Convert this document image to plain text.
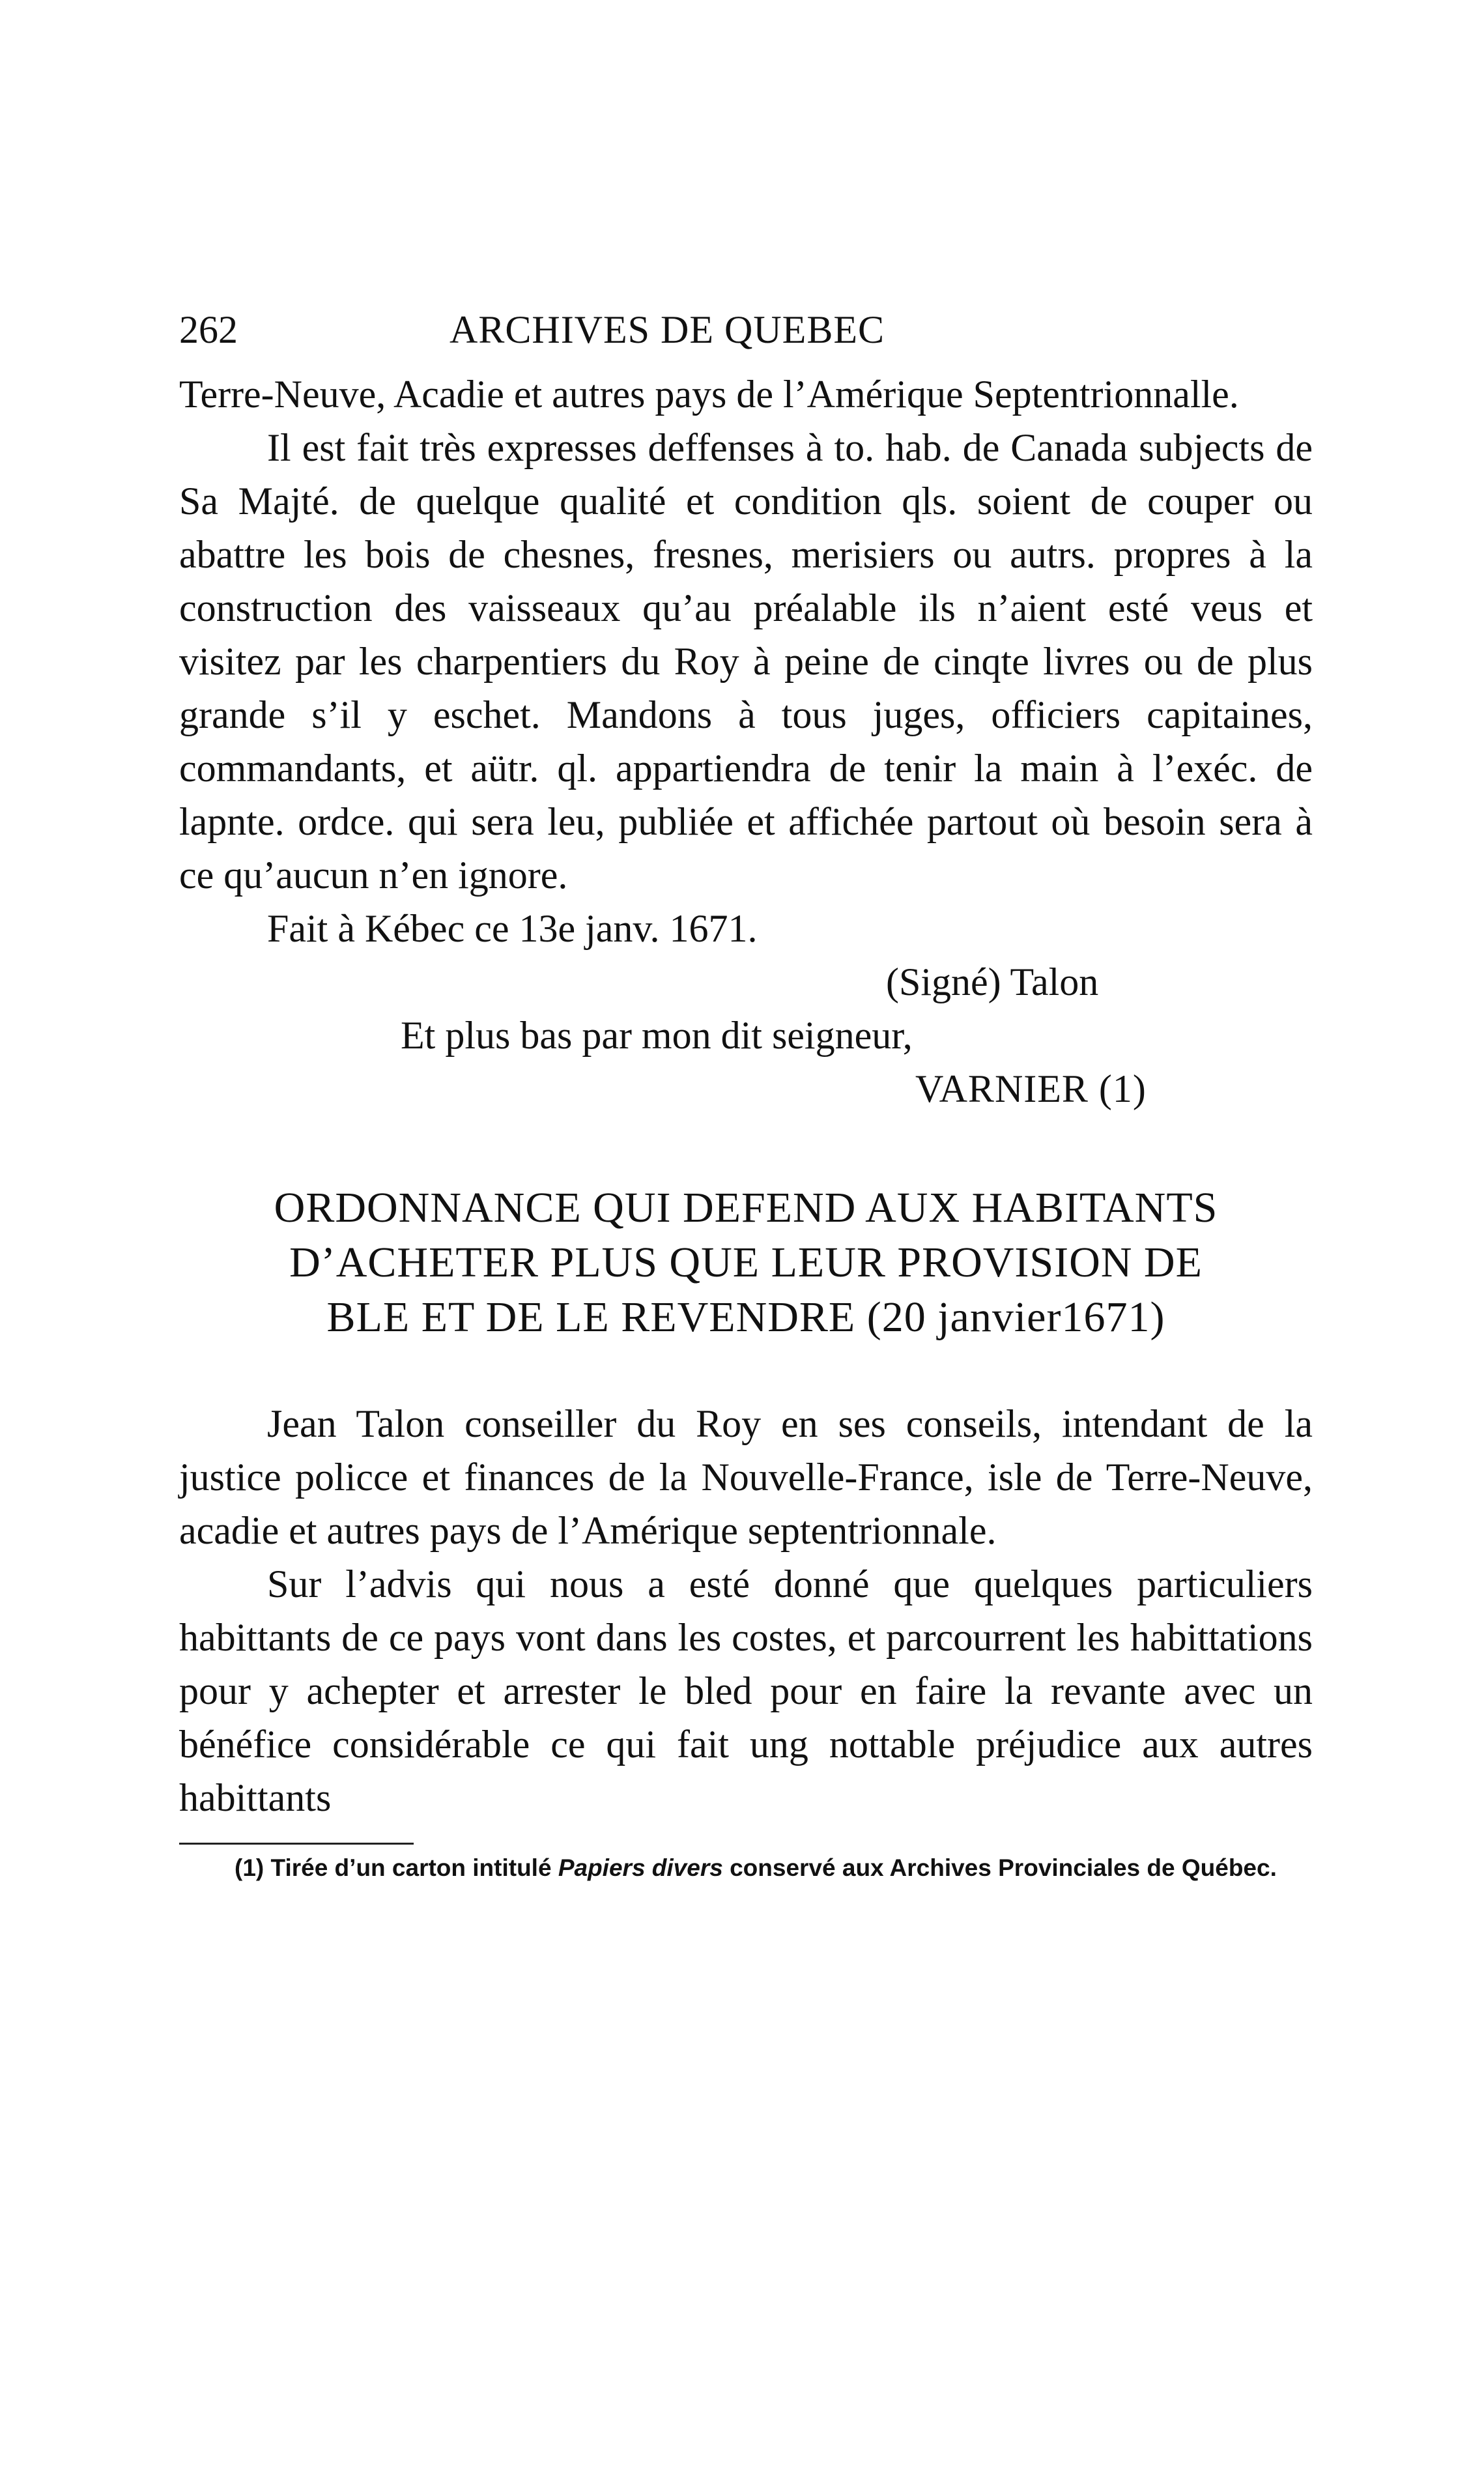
262	ARCHIVES DE QUEBEC

Terre-Neuve, Acadie et autres pays de l’Amérique Septentrionnalle.

Il est fait très expresses deffenses à to. hab. de Canada subjects de Sa Majté. de quelque qualité et condition qls. soient de couper ou abattre les bois de chesnes, fresnes, merisiers ou autrs. propres à la construction des vaisseaux qu’au préalable ils n’aient esté veus et visitez par les charpentiers du Roy à peine de cinqte livres ou de plus grande s’il y eschet. Mandons à tous juges, officiers capitaines, commandants, et aütr. ql. appartiendra de tenir la main à l’exéc. de lapnte. ordce. qui sera leu, publiée et affichée partout où besoin sera à ce qu’aucun n’en ignore.

Fait à Kébec ce 13e janv. 1671.
(Signé) Talon
Et plus bas par mon dit seigneur,
VARNIER (1)
ORDONNANCE QUI DEFEND AUX HABITANTS
D’ACHETER PLUS QUE LEUR PROVISION DE
BLE ET DE LE REVENDRE (20 janvier1671)

Jean Talon conseiller du Roy en ses conseils, intendant de la justice policce et finances de la Nouvelle-France, isle de Terre-Neuve, acadie et autres pays de l’Amérique septentrionnale.

Sur l’advis qui nous a esté donné que quelques particuliers habittants de ce pays vont dans les costes, et parcourrent les habittations pour y achepter et arrester le bled pour en faire la revante avec un bénéfice considérable ce qui fait ung nottable préjudice aux autres habittants

(1) Tirée d’un carton intitulé Papiers divers conservé aux Archives Provinciales de Québec.
